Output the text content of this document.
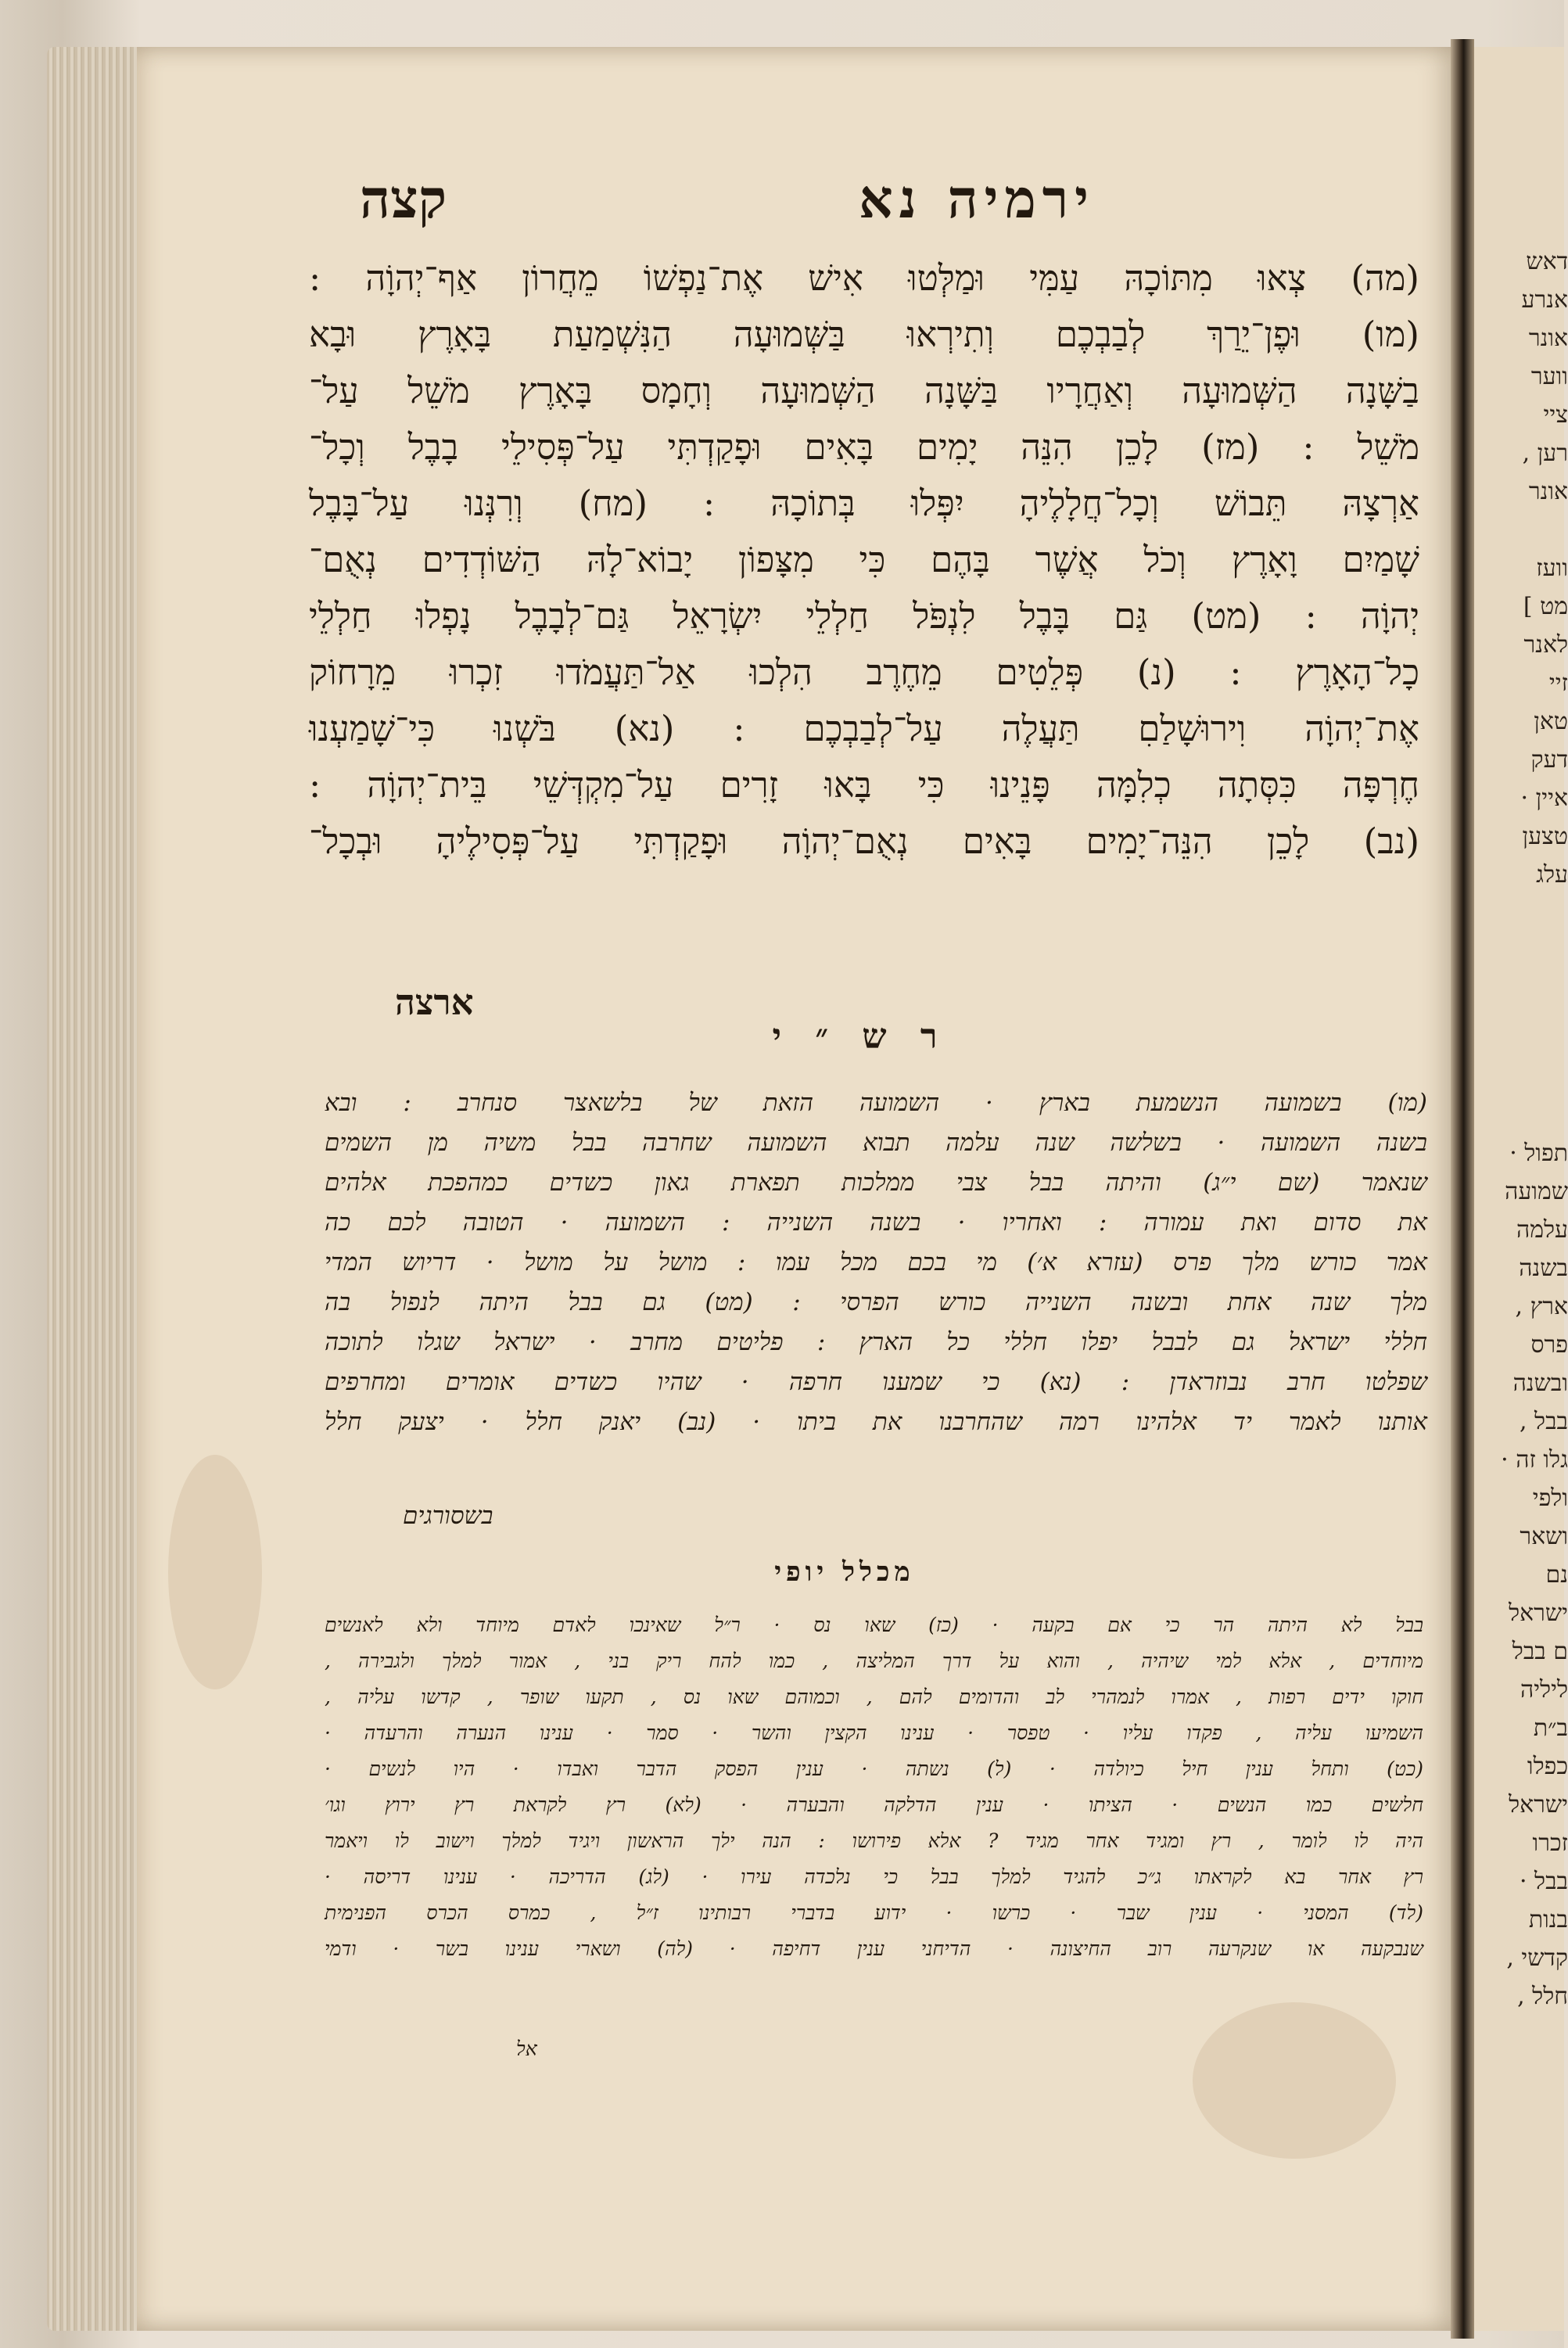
דאש
אנרע
אונר
ווער
ציי
רען ,
אונר
וועז
מט ]
לאנר
זיי
טאן
דעק
איין ·
טצען
עלג
תפול ·
שמועה
עלמה
בשנה
ארץ ,
פרס
ובשנה
בבל ,
גלו זה ·
ולפי
ושאר
נם
ישראל
ם בבל
ליליה
ב״ת
כפלו
ישראל
זכרו
בבל ·
בנות
קדשי ,
חלל ,
ירמיה נא
קצה
(מה) צְאוּ מִתּוֹכָהּ עַמִּי וּמַלְּטוּ אִישׁ אֶת־נַפְשׁוֹ מֵחֲרוֹן אַף־יְהוָֹה :
(מו) וּפֶן־יֵרַךְ לְבַבְכֶם וְתִירְאוּ בַּשְּׁמוּעָה הַנִּשְׁמַעַת בָּאָרֶץ וּבָא
בַשָּׁנָה הַשְּׁמוּעָה וְאַחֲרָיו בַּשָּׁנָה הַשְּׁמוּעָה וְחָמָס בָּאָרֶץ מֹשֵׁל עַל־
מֹשֵׁל : (מז) לָכֵן הִנֵּה יָמִים בָּאִים וּפָקַדְתִּי עַל־פְּסִילֵי בָבֶל וְכָל־
אַרְצָהּ תֵּבוֹשׁ וְכָל־חֲלָלֶיהָ יִפְּלוּ בְּתוֹכָהּ : (מח) וְרִנְּנוּ עַל־בָּבֶל
שָׁמַיִם וָאָרֶץ וְכֹל אֲשֶׁר בָּהֶם כִּי מִצָּפוֹן יָבוֹא־לָהּ הַשּׁוֹדְדִים נְאֻם־
יְהוָֹה : (מט) גַּם בָּבֶל לִנְפֹּל חַלְלֵי יִשְׂרָאֵל גַּם־לְבָבֶל נָפְלוּ חַלְלֵי
כָל־הָאָרֶץ : (נ) פְּלֵטִים מֵחֶרֶב הִלְכוּ אַל־תַּעֲמֹדוּ זִכְרוּ מֵרָחוֹק
אֶת־יְהוָֹה וִירוּשָׁלַםִ תַּעֲלֶה עַל־לְבַבְכֶם : (נא) בֹּשְׁנוּ כִּי־שָׁמַעְנוּ
חֶרְפָּה כִּסְּתָה כְלִמָּה פָּנֵינוּ כִּי בָּאוּ זָרִים עַל־מִקְדְּשֵׁי בֵּית־יְהוָֹה :
(נב) לָכֵן הִנֵּה־יָמִים בָּאִים נְאֻם־יְהוָֹה וּפָקַדְתִּי עַל־פְּסִילֶיהָ וּבְכָל־
ארצה
ר ש ״ י
(מו) בשמועה הנשמעת בארץ · השמועה הזאת של בלשאצר סנחרב : ובא
בשנה השמועה · בשלשה שנה עלמה תבוא השמועה שחרבה בבל משיה מן השמים
שנאמר (שם י״ג) והיתה בבל צבי ממלכות תפארת גאון כשדים כמהפכת אלהים
את סדום ואת עמורה : ואחריו · בשנה השנייה : השמועה · הטובה לכם כה
אמר כורש מלך פרס (עזרא א׳) מי בכם מכל עמו : מושל על מושל · דריוש המדי
מלך שנה אחת ובשנה השנייה כורש הפרסי : (מט) גם בבל היתה לנפול בה
חללי ישראל גם לבבל יפלו חללי כל הארץ : פליטים מחרב · ישראל שגלו לתוכה
שפלטו חרב נבוזראדן : (נא) כי שמענו חרפה · שהיו כשדים אומרים ומחרפים
אותנו לאמר יד אלהינו רמה שהחרבנו את ביתו · (נב) יאנק חלל · יצעק חלל
בשסורגים
מכלל יופי
בבל לא היתה הר כי אם בקעה · (כז) שאו נס · ר״ל שאינכו לאדם מיוחד ולא לאנשים
מיוחדים , אלא למי שיהיה , והוא על דרך המליצה , כמו להח ריק בני , אמור למלך ולגבירה ,
חוקו ידים רפות , אמרו לנמהרי לב והדומים להם , וכמוהם שאו נס , תקעו שופר , קדשו עליה ,
השמיעו עליה , פקדו עליו · טפסר · ענינו הקצין והשר · סמר · ענינו הנערה והרעדה ·
(כט) ותחל ענין חיל כיולדה · (ל) נשתה · ענין הפסק הדבר ואבדו · היו לנשים ·
חלשים כמו הנשים · הציתו · ענין הדלקה והבערה · (לא) רץ לקראת רץ ירוץ וגו׳
היה לו לומר , רץ ומגיד אחר מגיד ? אלא פירושו : הנה ילך הראשון ויגיד למלך וישוב לו ויאמר
רץ אחר בא לקראתו ג״כ להגיד למלך בבל כי נלכדה עירו · (לג) הדריכה · ענינו דריסה ·
(לד) המסני · ענין שבר · כרשו · ידוע בדברי רבותינו ז״ל , כמרס הכרס הפנימית
שנבקעה או שנקרעה רוב החיצונה · הדיחני ענין דחיפה · (לה) ושארי ענינו בשר · ודמי
אל
